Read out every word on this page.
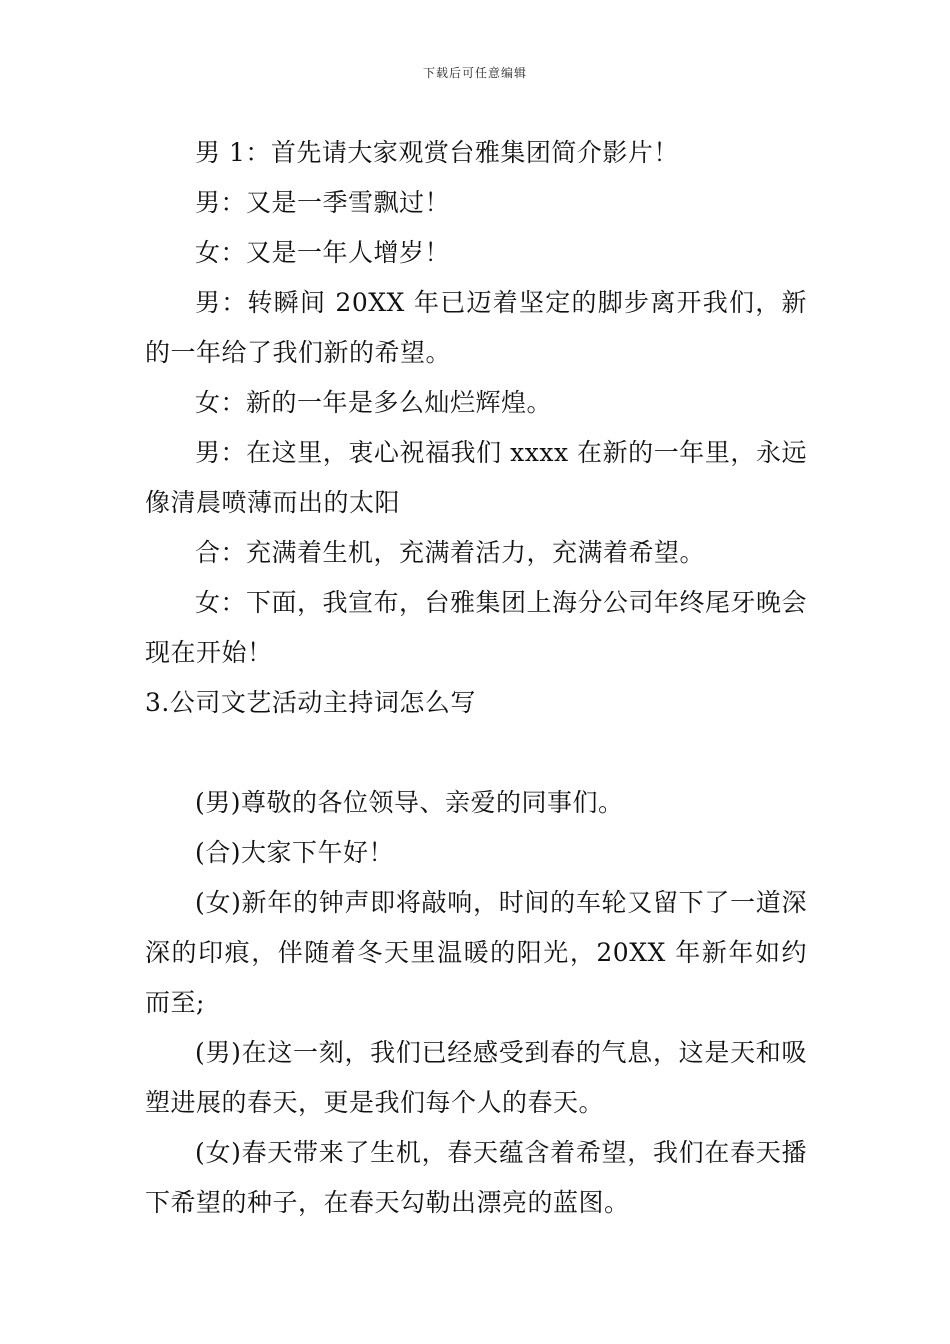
下载后可任意编辑

男 1：首先请大家观赏台雅集团简介影片！

男：又是一季雪飘过！

女：又是一年人增岁！

男：转瞬间 20XX 年已迈着坚定的脚步离开我们，新的一年给了我们新的希望。

女：新的一年是多么灿烂辉煌。

男：在这里，衷心祝福我们 xxxx 在新的一年里，永远像清晨喷薄而出的太阳

合：充满着生机，充满着活力，充满着希望。

女：下面，我宣布，台雅集团上海分公司年终尾牙晚会现在开始！

3.公司文艺活动主持词怎么写

(男)尊敬的各位领导、亲爱的同事们。

(合)大家下午好！

(女)新年的钟声即将敲响，时间的车轮又留下了一道深深的印痕，伴随着冬天里温暖的阳光，20XX 年新年如约而至;

(男)在这一刻，我们已经感受到春的气息，这是天和吸塑进展的春天，更是我们每个人的春天。

(女)春天带来了生机，春天蕴含着希望，我们在春天播下希望的种子，在春天勾勒出漂亮的蓝图。
